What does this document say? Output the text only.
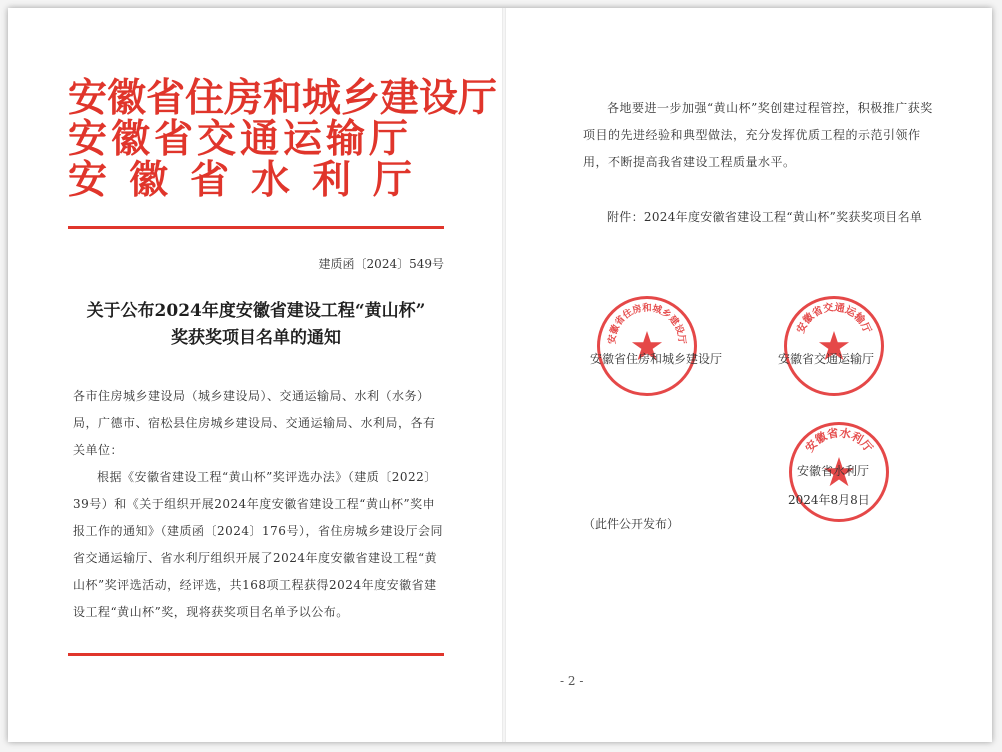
安徽省住房和城乡建设厅

安徽省交通运输厅

安徽省水利厅

建质函〔2024〕549号
关于公布2024年度安徽省建设工程“黄山杯”
奖获奖项目名单的通知

各市住房城乡建设局（城乡建设局）、交通运输局、水利（水务）局，广德市、宿松县住房城乡建设局、交通运输局、水利局，各有关单位：

根据《安徽省建设工程“黄山杯”奖评选办法》（建质〔2022〕39号）和《关于组织开展2024年度安徽省建设工程“黄山杯”奖申报工作的通知》（建质函〔2024〕176号），省住房城乡建设厅会同省交通运输厅、省水利厅组织开展了2024年度安徽省建设工程“黄山杯”奖评选活动，经评选，共168项工程获得2024年度安徽省建设工程“黄山杯”奖，现将获奖项目名单予以公布。

各地要进一步加强“黄山杯”奖创建过程管控，积极推广获奖项目的先进经验和典型做法，充分发挥优质工程的示范引领作用，不断提高我省建设工程质量水平。
附件：2024年度安徽省建设工程“黄山杯”奖获奖项目名单
安徽省住房和城乡建设厅
安徽省交通运输厅
安徽省水利厅
安徽省住房和城乡建设厅	安徽省交通运输厅
安徽省水利厅
2024年8月8日
（此件公开发布）
- 2 -
